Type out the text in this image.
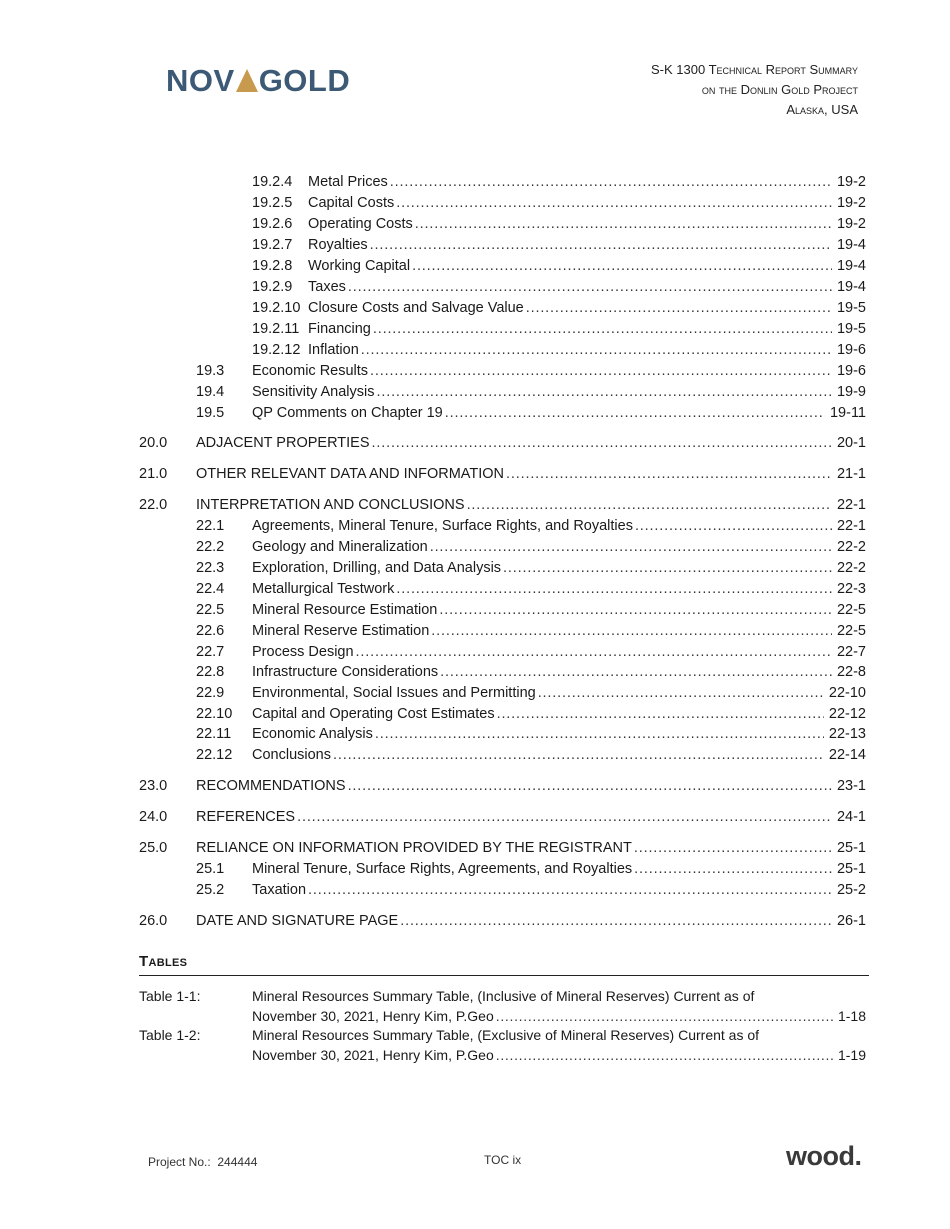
NOV GOLD	S-K 1300 Technical Report Summary
on the Donlin Gold Project
Alaska, USA
19.2.4 Metal Prices . . .	19-2
19.2.5 Capital Costs . . .	19-2
19.2.6 Operating Costs . . .	19-2
19.2.7 Royalties . . .	19-4
19.2.8 Working Capital . . .	19-4
19.2.9 Taxes . . .	19-4
19.2.10 Closure Costs and Salvage Value . . .	19-5
19.2.11 Financing . . .	19-5
19.2.12 Inflation . . .	19-6
19.3 Economic Results . . .	19-6
19.4 Sensitivity Analysis . . .	19-9
19.5 QP Comments on Chapter 19 . . .	19-11
20.0 ADJACENT PROPERTIES . . .	20-1
21.0 OTHER RELEVANT DATA AND INFORMATION . . .	21-1
22.0 INTERPRETATION AND CONCLUSIONS . . .	22-1
22.1 Agreements, Mineral Tenure, Surface Rights, and Royalties . . .	22-1
22.2 Geology and Mineralization . . .	22-2
22.3 Exploration, Drilling, and Data Analysis . . .	22-2
22.4 Metallurgical Testwork . . .	22-3
22.5 Mineral Resource Estimation . . .	22-5
22.6 Mineral Reserve Estimation . . .	22-5
22.7 Process Design . . .	22-7
22.8 Infrastructure Considerations . . .	22-8
22.9 Environmental, Social Issues and Permitting . . .	22-10
22.10 Capital and Operating Cost Estimates . . .	22-12
22.11 Economic Analysis . . .	22-13
22.12 Conclusions . . .	22-14
23.0 RECOMMENDATIONS . . .	23-1
24.0 REFERENCES . . .	24-1
25.0 RELIANCE ON INFORMATION PROVIDED BY THE REGISTRANT . . .	25-1
25.1 Mineral Tenure, Surface Rights, Agreements, and Royalties . . .	25-1
25.2 Taxation . . .	25-2
26.0 DATE AND SIGNATURE PAGE . . .	26-1
Tables
Table 1-1:	Mineral Resources Summary Table, (Inclusive of Mineral Reserves) Current as of
November 30, 2021, Henry Kim, P.Geo . . .	1-18
Table 1-2:	Mineral Resources Summary Table, (Exclusive of Mineral Reserves) Current as of
November 30, 2021, Henry Kim, P.Geo . . .	1-19
Project No.: 244444	TOC ix	wood.
